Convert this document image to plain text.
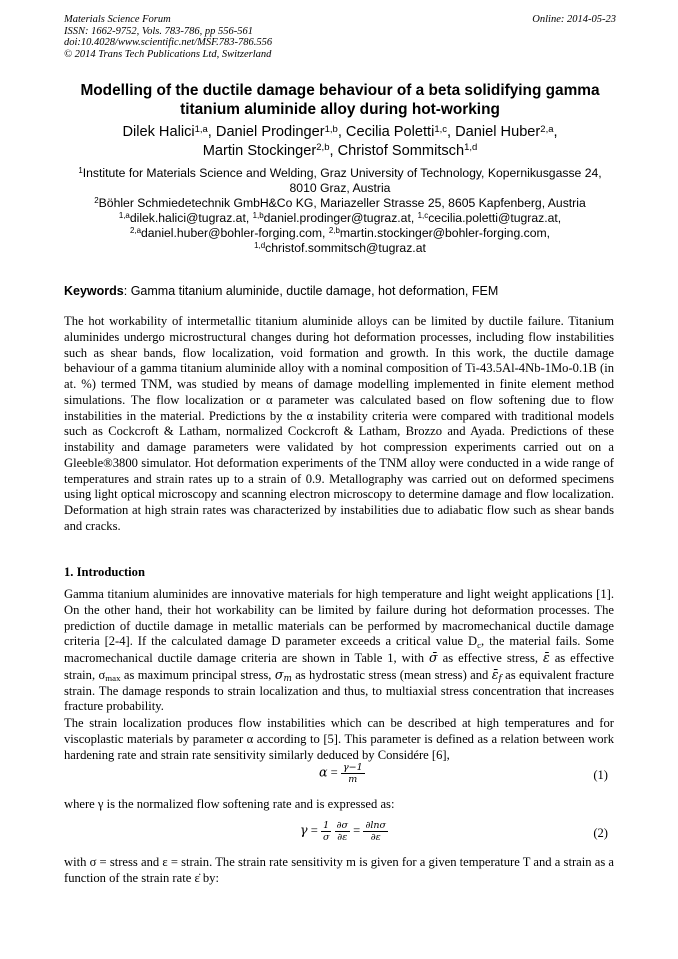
Materials Science Forum
ISSN: 1662-9752, Vols. 783-786, pp 556-561
doi:10.4028/www.scientific.net/MSF.783-786.556
© 2014 Trans Tech Publications Ltd, Switzerland
Online: 2014-05-23
Modelling of the ductile damage behaviour of a beta solidifying gamma
titanium aluminide alloy during hot-working
Dilek Halici$^{1,a}$, Daniel Prodinger$^{1,b}$, Cecilia Poletti$^{1,c}$, Daniel Huber$^{2,a}$,
Martin Stockinger$^{2,b}$, Christof Sommitsch$^{1,d}$
$^1$Institute for Materials Science and Welding, Graz University of Technology, Kopernikusgasse 24,
8010 Graz, Austria
$^2$Böhler Schmiedetechnik GmbH&Co KG, Mariazeller Strasse 25, 8605 Kapfenberg, Austria
$^{1,a}$dilek.halici@tugraz.at, $^{1,b}$daniel.prodinger@tugraz.at, $^{1,c}$cecilia.poletti@tugraz.at,
$^{2,a}$daniel.huber@bohler-forging.com, $^{2,b}$martin.stockinger@bohler-forging.com,
$^{1,d}$christof.sommitsch@tugraz.at
Keywords: Gamma titanium aluminide, ductile damage, hot deformation, FEM
The hot workability of intermetallic titanium aluminide alloys can be limited by ductile failure. Titanium aluminides undergo microstructural changes during hot deformation processes, including flow instabilities such as shear bands, flow localization, void formation and growth. In this work, the ductile damage behaviour of a gamma titanium aluminide alloy with a nominal composition of Ti-43.5Al-4Nb-1Mo-0.1B (in at. %) termed TNM, was studied by means of damage modelling implemented in finite element method simulations. The flow localization or α parameter was calculated based on flow softening due to flow instabilities in the material. Predictions by the α instability criteria were compared with traditional models such as Cockcroft & Latham, normalized Cockcroft & Latham, Brozzo and Ayada. Predictions of these instability and damage parameters were validated by hot compression experiments carried out on a Gleeble®3800 simulator. Hot deformation experiments of the TNM alloy were conducted in a wide range of temperatures and strain rates up to a strain of 0.9. Metallography was carried out on deformed specimens using light optical microscopy and scanning electron microscopy to determine damage and flow localization. Deformation at high strain rates was characterized by instabilities due to adiabatic flow such as shear bands and cracks.
1. Introduction
Gamma titanium aluminides are innovative materials for high temperature and light weight applications [1]. On the other hand, their hot workability can be limited by failure during hot deformation processes. The prediction of ductile damage in metallic materials can be performed by macromechanical ductile damage criteria [2-4]. If the calculated damage D parameter exceeds a critical value $D_c$, the material fails. Some macromechanical ductile damage criteria are shown in Table 1, with σ̄ as effective stress, ε̄ as effective strain, $\sigma_{max}$ as maximum principal stress, $\sigma_m$ as hydrostatic stress (mean stress) and $\varepsilon̄_f$ as equivalent fracture strain. The damage responds to strain localization and thus, to multiaxial stress concentration that increases fracture probability.
The strain localization produces flow instabilities which can be described at high temperatures and for viscoplastic materials by parameter α according to [5]. This parameter is defined as a relation between work hardening rate and strain rate sensitivity similarly deduced by Considére [6],
$\alpha = \frac{\gamma-1}{m}$	(1)
where γ is the normalized flow softening rate and is expressed as:
$\gamma = \frac{1}{\sigma}$
$\frac{\partial\sigma}{\partial\varepsilon} = \frac{\partial\ln\sigma}{\partial\varepsilon}$	(2)
with σ = stress and ε = strain. The strain rate sensitivity m is given for a given temperature T and a strain as a function of the strain rate ε̇ by:
